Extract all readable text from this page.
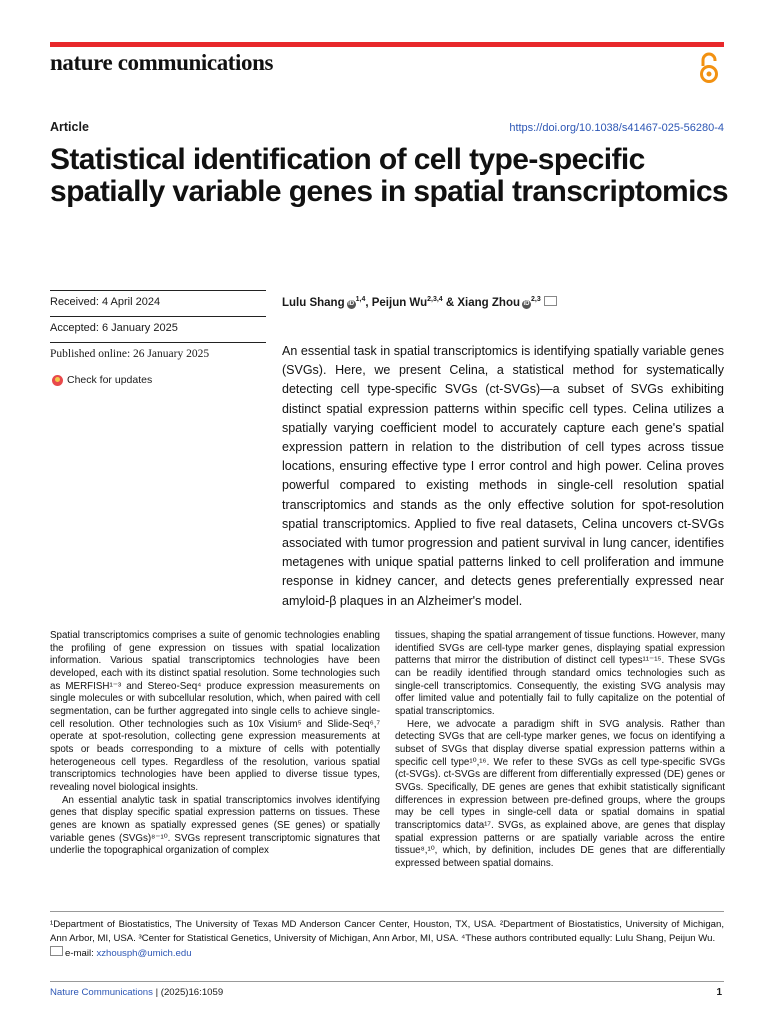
nature communications
Article	https://doi.org/10.1038/s41467-025-56280-4
Statistical identification of cell type-specific spatially variable genes in spatial transcriptomics
Received: 4 April 2024
Accepted: 6 January 2025
Published online: 26 January 2025
Check for updates
Lulu Shang iD$^{1,4}$, Peijun Wu$^{2,3,4}$ & Xiang Zhou iD$^{2,3}$
An essential task in spatial transcriptomics is identifying spatially variable genes (SVGs). Here, we present Celina, a statistical method for systematically detecting cell type-specific SVGs (ct-SVGs)—a subset of SVGs exhibiting distinct spatial expression patterns within specific cell types. Celina utilizes a spatially varying coefficient model to accurately capture each gene's spatial expression pattern in relation to the distribution of cell types across tissue locations, ensuring effective type I error control and high power. Celina proves powerful compared to existing methods in single-cell resolution spatial transcriptomics and stands as the only effective solution for spot-resolution spatial transcriptomics. Applied to five real datasets, Celina uncovers ct-SVGs associated with tumor progression and patient survival in lung cancer, identifies metagenes with unique spatial patterns linked to cell proliferation and immune response in kidney cancer, and detects genes preferentially expressed near amyloid-β plaques in an Alzheimer's model.

Spatial transcriptomics comprises a suite of genomic technologies enabling the profiling of gene expression on tissues with spatial localization information. Various spatial transcriptomics technologies have been developed, each with its distinct spatial resolution. Some technologies such as MERFISH¹⁻³ and Stereo-Seq⁴ produce expression measurements on single molecules or with subcellular resolution, which, when paired with cell segmentation, can be further aggregated into single cells to achieve single-cell resolution. Other technologies such as 10x Visium⁵ and Slide-Seq⁶,⁷ operate at spot-resolution, collecting gene expression measurements at spots or beads corresponding to a mixture of cells with potentially heterogeneous cell types. Regardless of the resolution, various spatial transcriptomics technologies have been applied to diverse tissue types, revealing novel biological insights.

An essential analytic task in spatial transcriptomics involves identifying genes that display specific spatial expression patterns on tissues. These genes are known as spatially expressed genes (SE genes) or spatially variable genes (SVGs)⁸⁻¹⁰. SVGs represent transcriptomic signatures that underlie the topographical organization of complex

tissues, shaping the spatial arrangement of tissue functions. However, many identified SVGs are cell-type marker genes, displaying spatial expression patterns that mirror the distribution of distinct cell types¹¹⁻¹⁵. These SVGs can be readily identified through standard omics technologies such as single-cell transcriptomics. Consequently, the existing SVG analysis may offer limited value and potentially fail to fully capitalize on the potential of spatial transcriptomics.

Here, we advocate a paradigm shift in SVG analysis. Rather than detecting SVGs that are cell-type marker genes, we focus on identifying a subset of SVGs that display diverse spatial expression patterns within a specific cell type¹⁰,¹⁶. We refer to these SVGs as cell type-specific SVGs (ct-SVGs). ct-SVGs are different from differentially expressed (DE) genes or SVGs. Specifically, DE genes are genes that exhibit statistically significant differences in expression between pre-defined groups, where the groups may be cell types in single-cell data or spatial domains in spatial transcriptomics data¹⁷. SVGs, as explained above, are genes that display spatial expression patterns or are spatially variable across the entire tissue⁸,¹⁰, which, by definition, includes DE genes that are differentially expressed between spatial domains.

¹Department of Biostatistics, The University of Texas MD Anderson Cancer Center, Houston, TX, USA. ²Department of Biostatistics, University of Michigan, Ann Arbor, MI, USA. ³Center for Statistical Genetics, University of Michigan, Ann Arbor, MI, USA. ⁴These authors contributed equally: Lulu Shang, Peijun Wu.
e-mail: xzhousph@umich.edu
Nature Communications | (2025)16:1059	1
